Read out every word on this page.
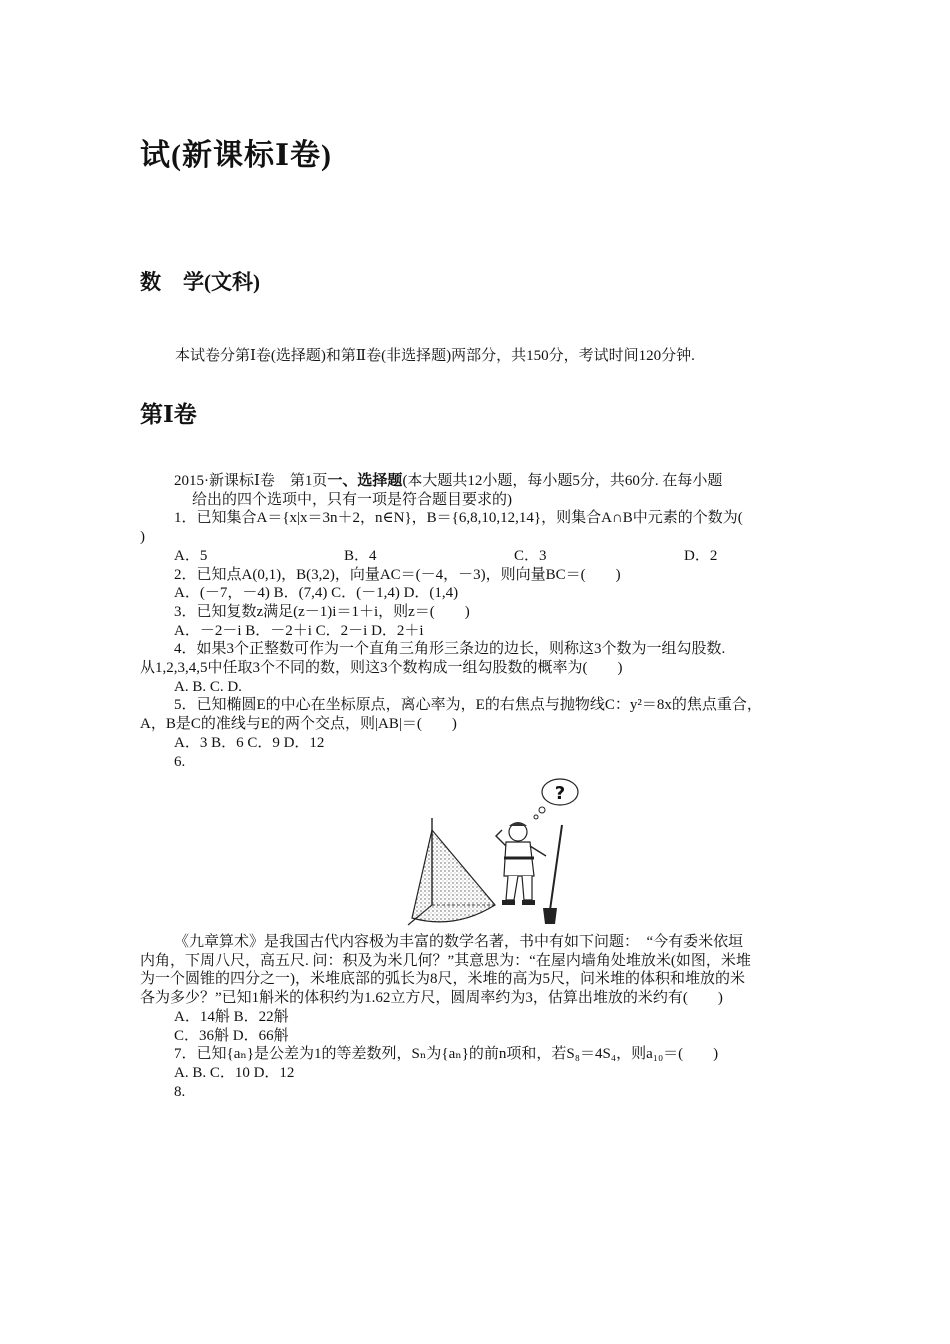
试(新课标Ⅰ卷)
数 学(文科)
本试卷分第Ⅰ卷(选择题)和第Ⅱ卷(非选择题)两部分，共150分，考试时间120分钟.
第Ⅰ卷
2015·新课标Ⅰ卷　第1页一、选择题(本大题共12小题，每小题5分，共60分. 在每小题
给出的四个选项中，只有一项是符合题目要求的)
1．已知集合A＝{x|x＝3n＋2，n∈N}，B＝{6,8,10,12,14}，则集合A∩B中元素的个数为(
)
A．5	B．4	C．3	D．2
2．已知点A(0,1)，B(3,2)，向量AC＝(－4，－3)，则向量BC＝(　　)
A．(－7，－4) B．(7,4) C．(－1,4) D．(1,4)
3．已知复数z满足(z－1)i＝1＋i，则z＝(　　)
A．－2－i B．－2＋i C．2－i D．2＋i
4．如果3个正整数可作为一个直角三角形三条边的边长，则称这3个数为一组勾股数.
从1,2,3,4,5中任取3个不同的数，则这3个数构成一组勾股数的概率为(　　)
A. B. C. D.
5．已知椭圆E的中心在坐标原点，离心率为，E的右焦点与抛物线C：y²＝8x的焦点重合，
A，B是C的准线与E的两个交点，则|AB|＝(　　)
A．3 B．6 C．9 D．12
6.
?
《九章算术》是我国古代内容极为丰富的数学名著，书中有如下问题：　“今有委米依垣
内角，下周八尺，高五尺. 问：积及为米几何？”其意思为：“在屋内墙角处堆放米(如图，米堆
为一个圆锥的四分之一)，米堆底部的弧长为8尺，米堆的高为5尺，问米堆的体积和堆放的米
各为多少？”已知1斛米的体积约为1.62立方尺，圆周率约为3，估算出堆放的米约有(　　)
A．14斛 B．22斛
C．36斛 D．66斛
7．已知{aₙ}是公差为1的等差数列，Sₙ为{aₙ}的前n项和，若S₈＝4S₄，则a₁₀＝(　　)
A. B. C．10 D．12
8.
